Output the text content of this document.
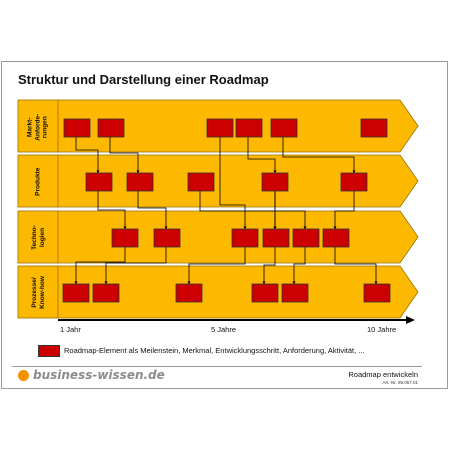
Struktur und Darstellung einer Roadmap
Markt-
Anforde-
rungen
Produkte
Techno-
logien
Prozesse/
Know-how
1 Jahr	5 Jahre	10 Jahre
Roadmap-Element als Meilenstein, Merkmal, Entwicklungsschritt, Anforderung, Aktivität, ...
business-wissen.de	Roadmap entwickeln
Art.-Nr. 99.057.01
